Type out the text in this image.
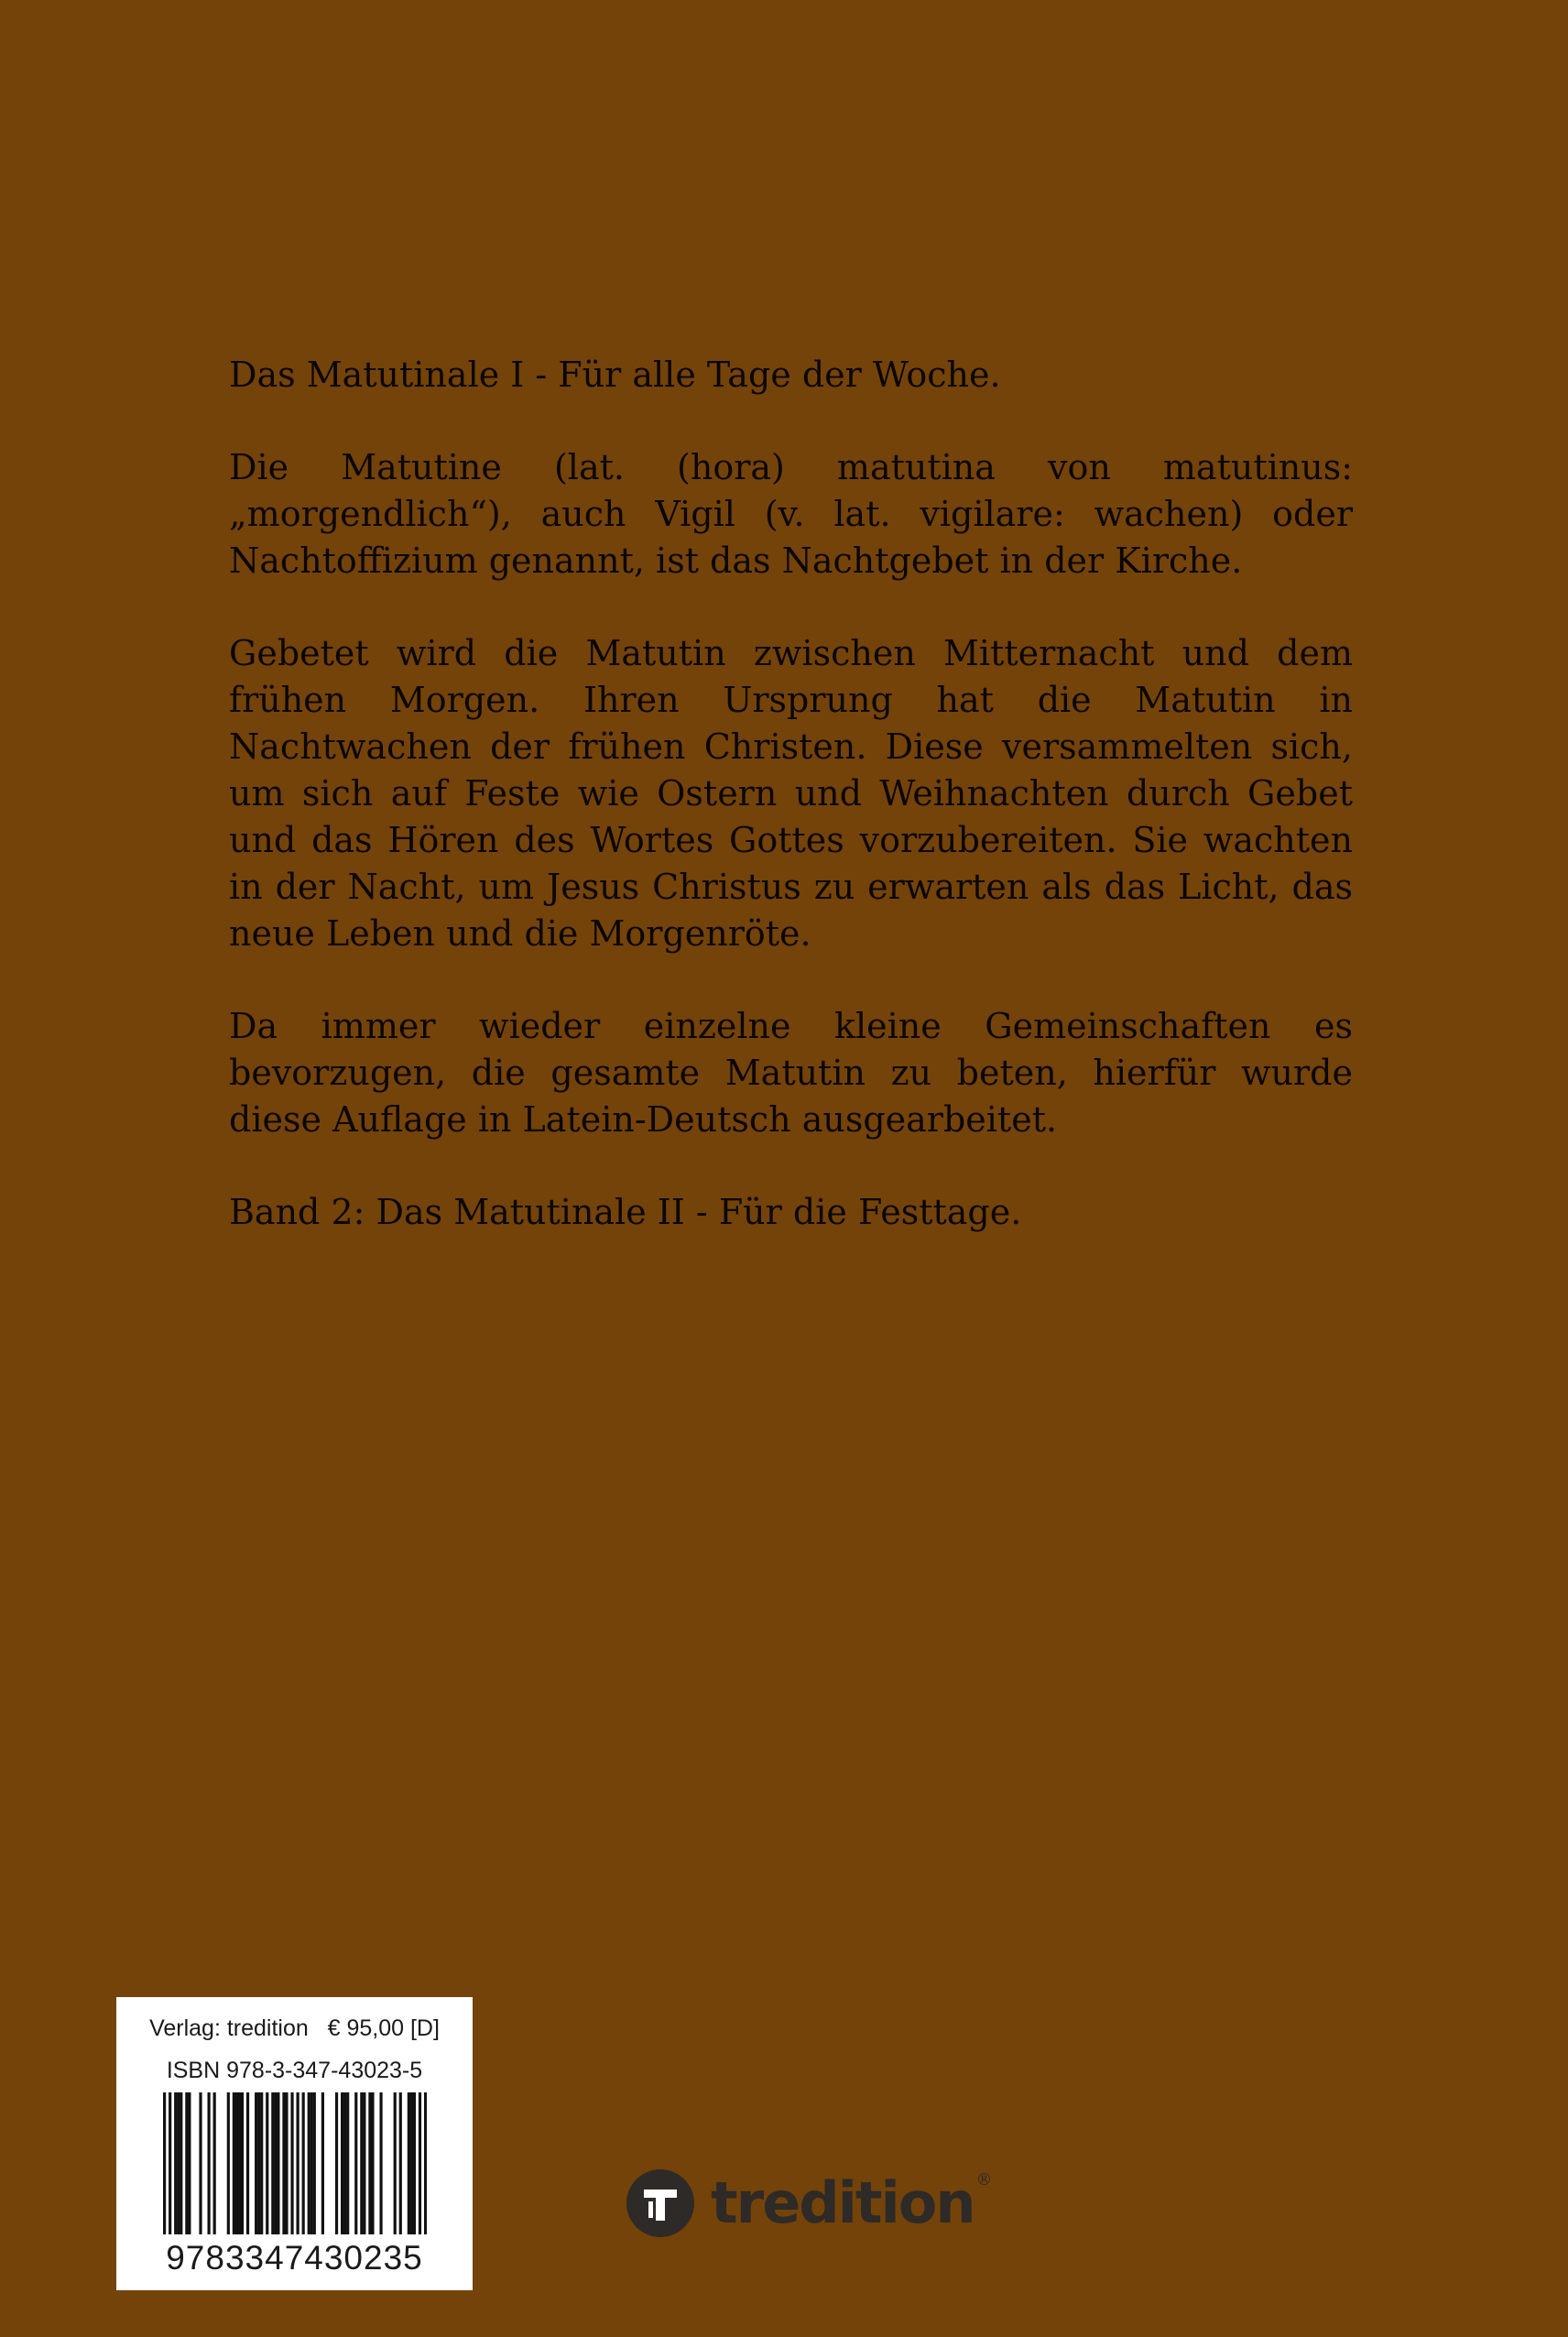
Das Matutinale I - Für alle Tage der Woche.

Die Matutine (lat. (hora) matutina von matutinus: „morgendlich“), auch Vigil (v. lat. vigilare: wachen) oder Nachtoffizium genannt, ist das Nachtgebet in der Kirche.

Gebetet wird die Matutin zwischen Mitternacht und dem frühen Morgen. Ihren Ursprung hat die Matutin in Nachtwachen der frühen Christen. Diese versammelten sich, um sich auf Feste wie Ostern und Weihnachten durch Gebet und das Hören des Wortes Gottes vorzubereiten. Sie wachten in der Nacht, um Jesus Christus zu erwarten als das Licht, das neue Leben und die Morgenröte.

Da immer wieder einzelne kleine Gemeinschaften es bevorzugen, die gesamte Matutin zu beten, hierfür wurde diese Auflage in Latein-Deutsch ausgearbeitet.

Band 2: Das Matutinale II - Für die Festtage.

Verlag: tredition   € 95,00 [D]
ISBN 978-3-347-43023-5
9783347430235
tredition ®
